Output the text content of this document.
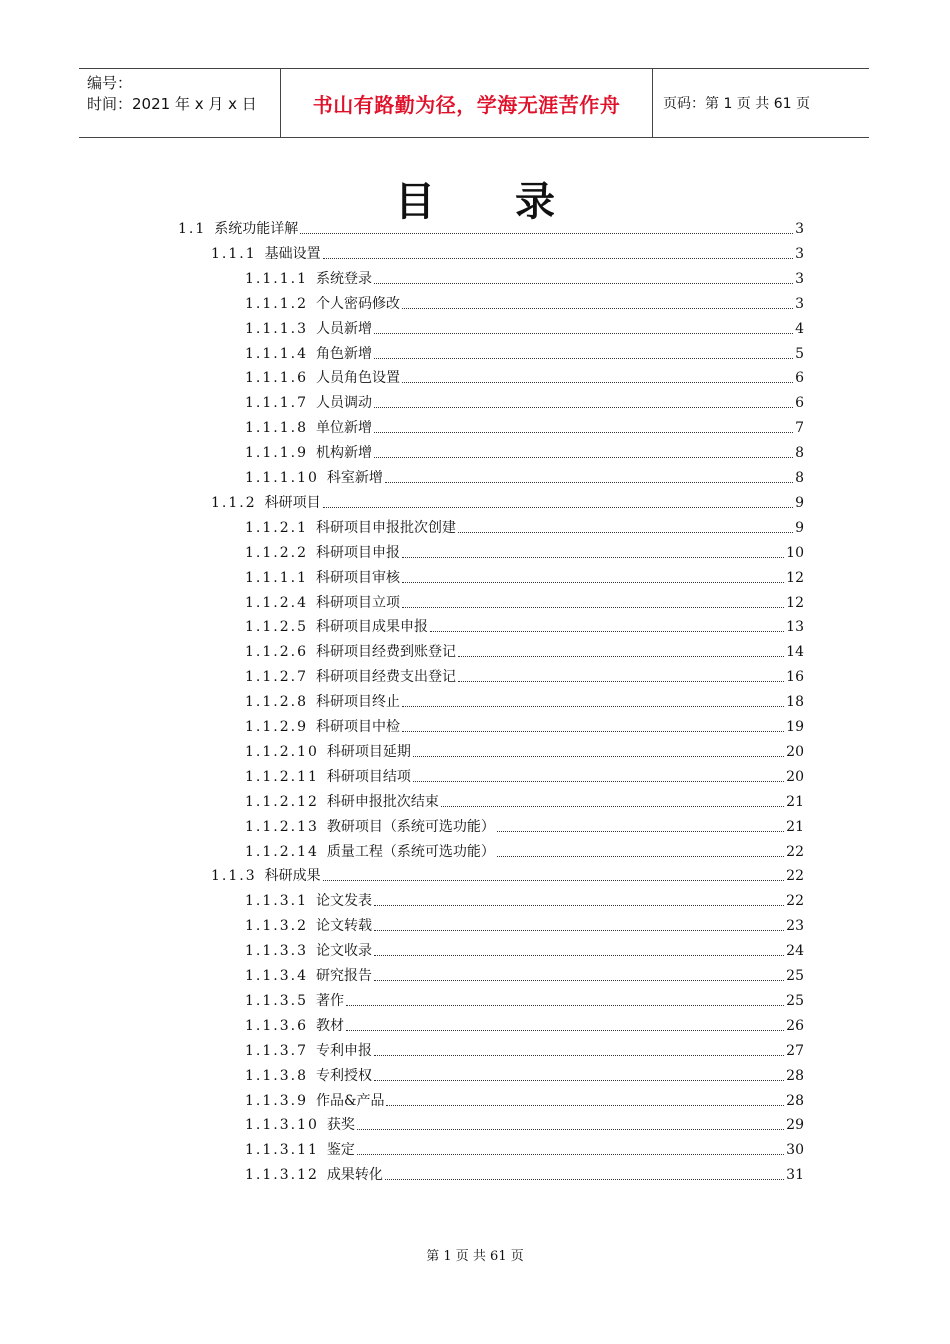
编号：
时间：2021 年 x 月 x 日	书山有路勤为径，学海无涯苦作舟	页码：第 1 页 共 61 页
目录
1.1 系统功能详解	3
1.1.1 基础设置	3
1.1.1.1 系统登录	3
1.1.1.2 个人密码修改	3
1.1.1.3 人员新增	4
1.1.1.4 角色新增	5
1.1.1.6 人员角色设置	6
1.1.1.7 人员调动	6
1.1.1.8 单位新增	7
1.1.1.9 机构新增	8
1.1.1.10 科室新增	8
1.1.2 科研项目	9
1.1.2.1 科研项目申报批次创建	9
1.1.2.2 科研项目申报	10
1.1.1.1 科研项目审核	12
1.1.2.4 科研项目立项	12
1.1.2.5 科研项目成果申报	13
1.1.2.6 科研项目经费到账登记	14
1.1.2.7 科研项目经费支出登记	16
1.1.2.8 科研项目终止	18
1.1.2.9 科研项目中检	19
1.1.2.10 科研项目延期	20
1.1.2.11 科研项目结项	20
1.1.2.12 科研申报批次结束	21
1.1.2.13 教研项目（系统可选功能）	21
1.1.2.14 质量工程（系统可选功能）	22
1.1.3 科研成果	22
1.1.3.1 论文发表	22
1.1.3.2 论文转载	23
1.1.3.3 论文收录	24
1.1.3.4 研究报告	25
1.1.3.5 著作	25
1.1.3.6 教材	26
1.1.3.7 专利申报	27
1.1.3.8 专利授权	28
1.1.3.9 作品&产品	28
1.1.3.10 获奖	29
1.1.3.11 鉴定	30
1.1.3.12 成果转化	31
第 1 页 共 61 页
